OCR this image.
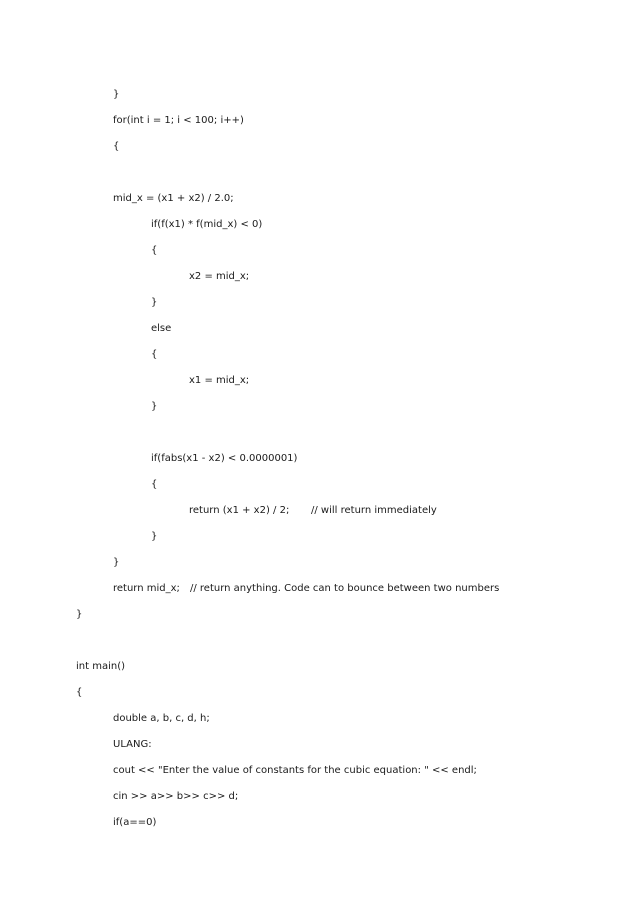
}
for(int i = 1; i < 100; i++)
{
mid_x = (x1 + x2) / 2.0;
if(f(x1) * f(mid_x) < 0)
{
x2 = mid_x;
}
else
{
x1 = mid_x;
}
if(fabs(x1 - x2) < 0.0000001)
{
return (x1 + x2) / 2; // will return immediately
}
}
return mid_x; // return anything. Code can to bounce between two numbers
}
int main()
{
double a, b, c, d, h;
ULANG:
cout << "Enter the value of constants for the cubic equation: " << endl;
cin >> a>> b>> c>> d;
if(a==0)
